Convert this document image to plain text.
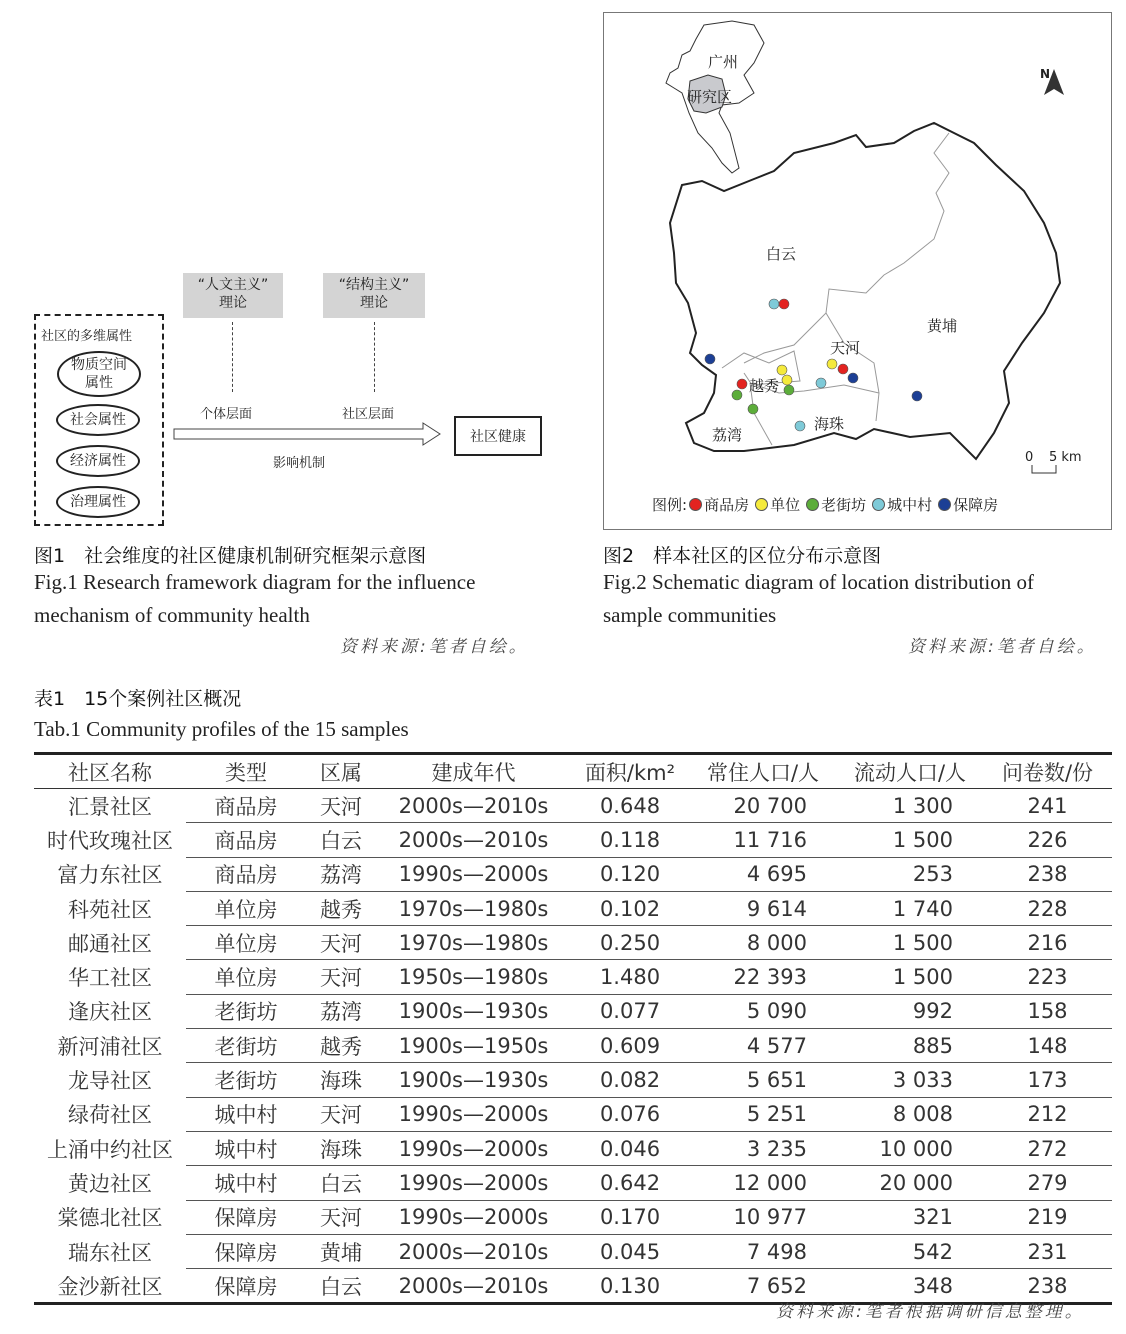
“人文主义”
理论
“结构主义”
理论
社区的多维属性
物质空间
属性
社会属性
经济属性
治理属性
个体层面	社区层面
影响机制
社区健康
图1　社会维度的社区健康机制研究框架示意图
Fig.1 Research framework diagram for the influence
mechanism of community health
资料来源:笔者自绘。
广州
研究区
N
白云
黄埔
天河
越秀
海珠
荔湾
0 5 km
图例: 商品房 单位 老街坊 城中村 保障房
图2　样本社区的区位分布示意图
Fig.2 Schematic diagram of location distribution of
sample communities
资料来源:笔者自绘。
表1　15个案例社区概况
Tab.1 Community profiles of the 15 samples
社区名称	类型	区属	建成年代	面积/km²	常住人口/人	流动人口/人	问卷数/份
汇景社区	商品房	天河	2000s—2010s	0.648	20 700	1 300	241
时代玫瑰社区	商品房	白云	2000s—2010s	0.118	11 716	1 500	226
富力东社区	商品房	荔湾	1990s—2000s	0.120	4 695	253	238
科苑社区	单位房	越秀	1970s—1980s	0.102	9 614	1 740	228
邮通社区	单位房	天河	1970s—1980s	0.250	8 000	1 500	216
华工社区	单位房	天河	1950s—1980s	1.480	22 393	1 500	223
逢庆社区	老街坊	荔湾	1900s—1930s	0.077	5 090	992	158
新河浦社区	老街坊	越秀	1900s—1950s	0.609	4 577	885	148
龙导社区	老街坊	海珠	1900s—1930s	0.082	5 651	3 033	173
绿荷社区	城中村	天河	1990s—2000s	0.076	5 251	8 008	212
上涌中约社区	城中村	海珠	1990s—2000s	0.046	3 235	10 000	272
黄边社区	城中村	白云	1990s—2000s	0.642	12 000	20 000	279
棠德北社区	保障房	天河	1990s—2000s	0.170	10 977	321	219
瑞东社区	保障房	黄埔	2000s—2010s	0.045	7 498	542	231
金沙新社区	保障房	白云	2000s—2010s	0.130	7 652	348	238
资料来源:笔者根据调研信息整理。
